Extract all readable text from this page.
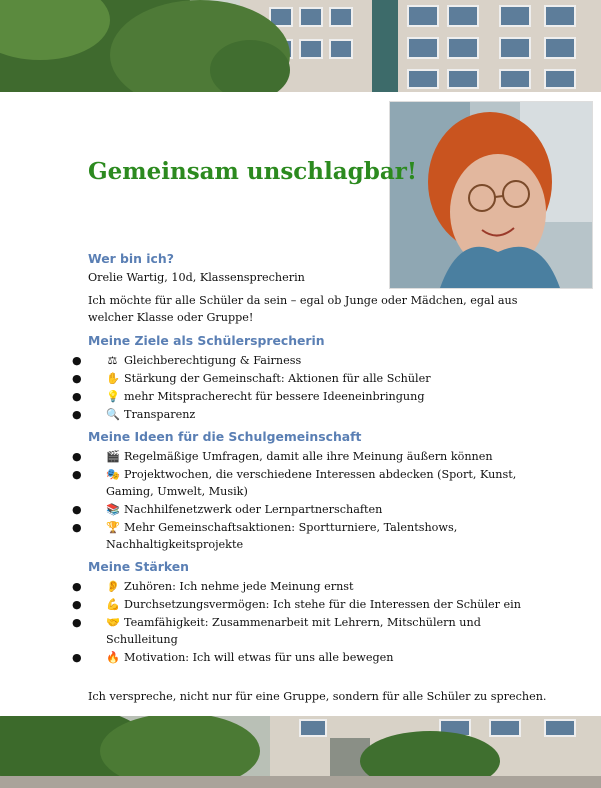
Gemeinsam unschlagbar!
Wer bin ich?

Orelie Wartig, 10d, Klassensprecherin

Ich möchte für alle Schüler da sein – egal ob Junge oder Mädchen, egal aus welcher Klasse oder Gruppe!

Meine Ziele als Schülersprecherin
● ⚖ Gleichberechtigung & Fairness
● ✋ Stärkung der Gemeinschaft: Aktionen für alle Schüler
● 💡 mehr Mitspracherecht für bessere Ideeneinbringung
● 🔍 Transparenz
Meine Ideen für die Schulgemeinschaft
● 🎬 Regelmäßige Umfragen, damit alle ihre Meinung äußern können
● 🎭 Projektwochen, die verschiedene Interessen abdecken (Sport, Kunst, Gaming, Umwelt, Musik)
● 📚 Nachhilfenetzwerk oder Lernpartnerschaften
● 🏆 Mehr Gemeinschaftsaktionen: Sportturniere, Talentshows, Nachhaltigkeitsprojekte
Meine Stärken
● 👂 Zuhören: Ich nehme jede Meinung ernst
● 💪 Durchsetzungsvermögen: Ich stehe für die Interessen der Schüler ein
● 🤝 Teamfähigkeit: Zusammenarbeit mit Lehrern, Mitschülern und Schulleitung
● 🔥 Motivation: Ich will etwas für uns alle bewegen

Ich verspreche, nicht nur für eine Gruppe, sondern für alle Schüler zu sprechen.
